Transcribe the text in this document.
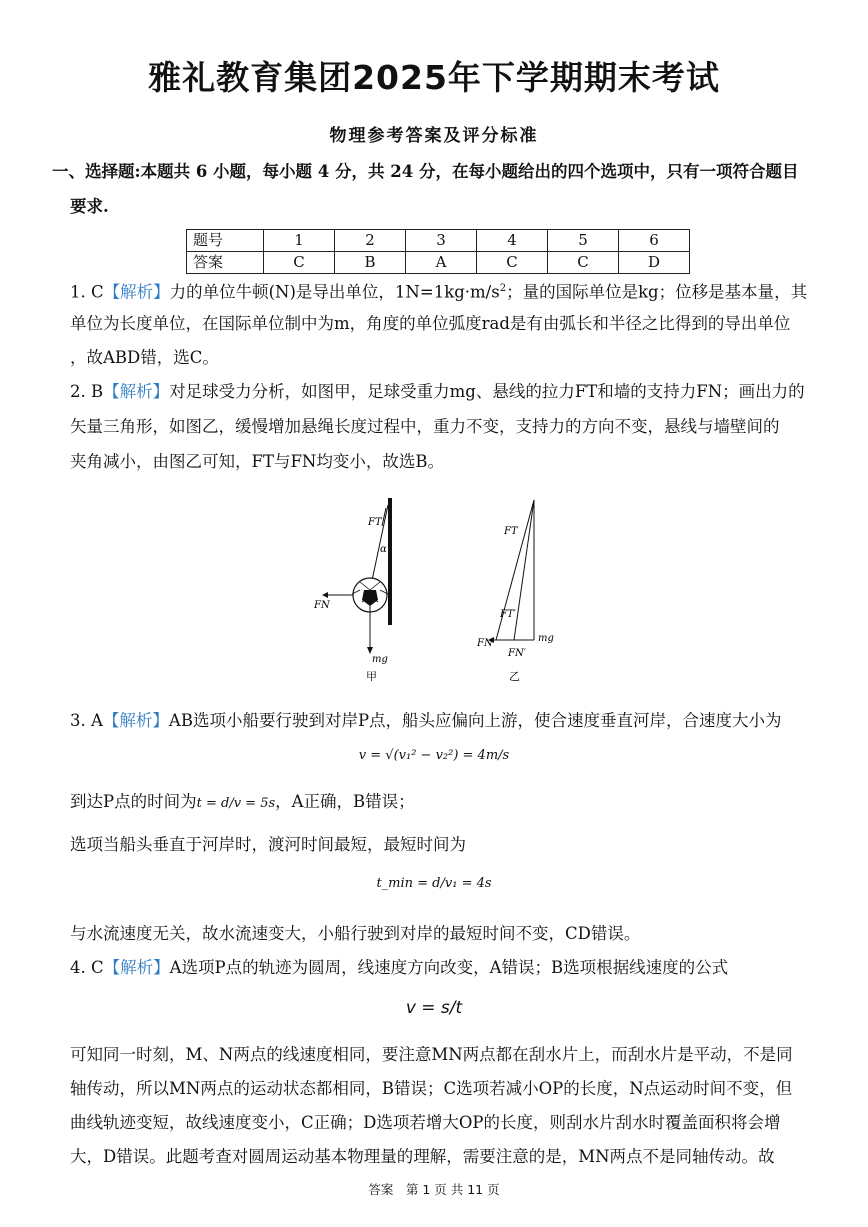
雅礼教育集团2025年下学期期末考试
物理参考答案及评分标准
一、选择题:本题共 6 小题，每小题 4 分，共 24 分，在每小题给出的四个选项中，只有一项符合题目
要求.
题号	1	2	3	4	5	6
答案	C	B	A	C	C	D
1. C【解析】力的单位牛顿(N)是导出单位，$1N=1kg\cdot m/s^2$；量的国际单位是kg；位移是基本量，其
单位为长度单位，在国际单位制中为m，角度的单位弧度rad是有由弧长和半径之比得到的导出单位
，故ABD错，选C。
2. B【解析】对足球受力分析，如图甲，足球受重力mg、悬线的拉力FT和墙的支持力FN；画出力的
矢量三角形，如图乙，缓慢增加悬绳长度过程中，重力不变，支持力的方向不变，悬线与墙壁间的
夹角减小，由图乙可知，FT与FN均变小，故选B。
FT
α
FN
mg
甲
FT
FT′
FN
FN′
mg
乙
3. A【解析】AB选项小船要行驶到对岸P点，船头应偏向上游，使合速度垂直河岸，合速度大小为
v = √(v₁² − v₂²) = 4m/s
到达P点的时间为t = d/v = 5s，A正确，B错误；
选项当船头垂直于河岸时，渡河时间最短，最短时间为
t_min = d/v₁ = 4s
与水流速度无关，故水流速变大，小船行驶到对岸的最短时间不变，CD错误。
4. C【解析】A选项P点的轨迹为圆周，线速度方向改变，A错误；B选项根据线速度的公式
v = s/t
可知同一时刻，M、N两点的线速度相同，要注意MN两点都在刮水片上，而刮水片是平动，不是同
轴传动，所以MN两点的运动状态都相同，B错误；C选项若减小OP的长度，N点运动时间不变，但
曲线轨迹变短，故线速度变小，C正确；D选项若增大OP的长度，则刮水片刮水时覆盖面积将会增
大，D错误。此题考查对圆周运动基本物理量的理解，需要注意的是，MN两点不是同轴传动。故
答案　第 1 页 共 11 页
